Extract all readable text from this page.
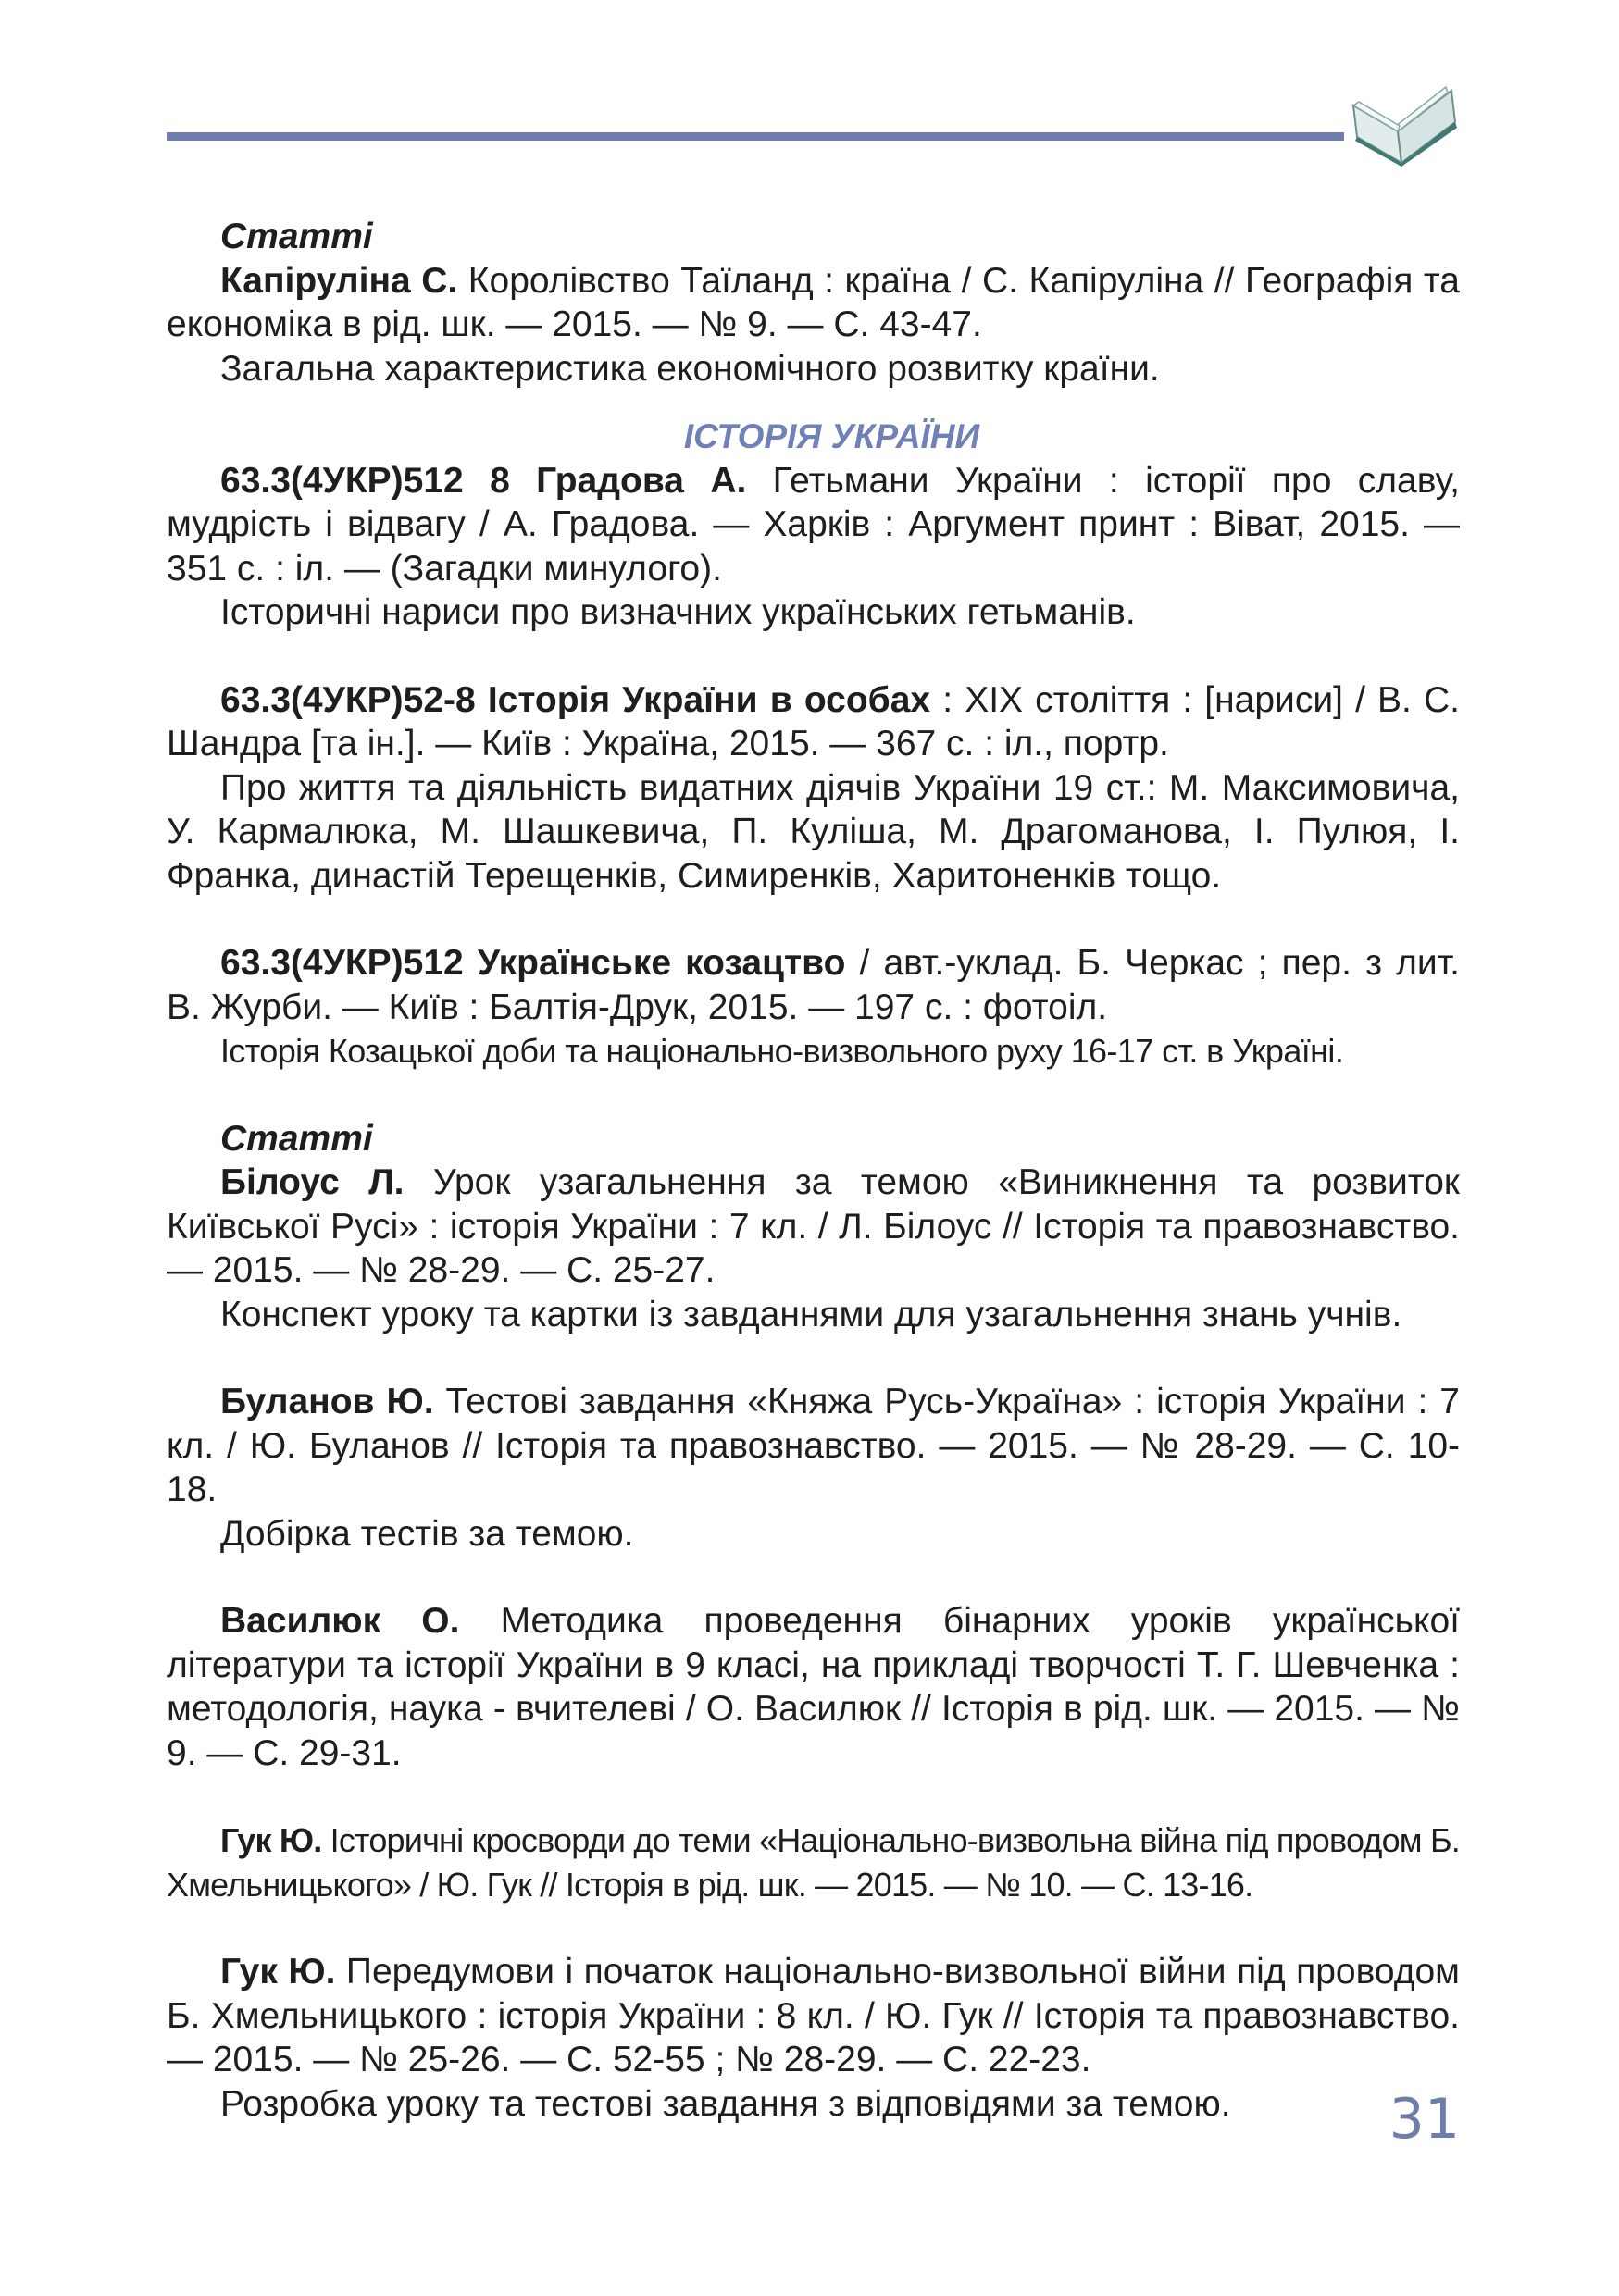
Статті

Капіруліна С. Королівство Таїланд : країна / С. Капіруліна // Географія та економіка в рід. шк. — 2015. — № 9. — С. 43-47.

Загальна характеристика економічного розвитку країни.

ІСТОРІЯ УКРАЇНИ

63.3(4УКР)512 8 Градова А. Гетьмани України : історії про славу, мудрість і відвагу / А. Градова. — Харків : Аргумент принт : Віват, 2015. — 351 с. : іл. — (Загадки минулого).

Історичні нариси про визначних українських гетьманів.

63.3(4УКР)52-8 Історія України в особах : ХІХ століття : [нариси] / В. С. Шандра [та ін.]. — Київ : Україна, 2015. — 367 с. : іл., портр.

Про життя та діяльність видатних діячів України 19 ст.: М. Максимовича, У. Кармалюка, М. Шашкевича, П. Куліша, М. Драгоманова, І. Пулюя, І. Франка, династій Терещенків, Симиренків, Харитоненків тощо.

63.3(4УКР)512 Українське козацтво / авт.-уклад. Б. Черкас ; пер. з лит. В. Журби. — Київ : Балтія-Друк, 2015. — 197 с. : фотоіл.

Історія Козацької доби та національно-визвольного руху 16-17 ст. в Україні.

Статті

Білоус Л. Урок узагальнення за темою «Виникнення та розвиток Київської Русі» : історія України : 7 кл. / Л. Білоус // Історія та правознавство. — 2015. — № 28-29. — С. 25-27.

Конспект уроку та картки із завданнями для узагальнення знань учнів.

Буланов Ю. Тестові завдання «Княжа Русь-Україна» : історія України : 7 кл. / Ю. Буланов // Історія та правознавство. — 2015. — № 28-29. — С. 10-18.

Добірка тестів за темою.

Василюк О. Методика проведення бінарних уроків української літератури та історії України в 9 класі, на прикладі творчості Т. Г. Шевченка : методологія, наука - вчителеві / О. Василюк // Історія в рід. шк. — 2015. — № 9. — С. 29-31.

Гук Ю. Історичні кросворди до теми «Національно-визвольна війна під проводом Б. Хмельницького» / Ю. Гук // Історія в рід. шк. — 2015. — № 10. — С. 13-16.

Гук Ю. Передумови і початок національно-визвольної війни під проводом Б. Хмельницького : історія України : 8 кл. / Ю. Гук // Історія та правознавство. — 2015. — № 25-26. — С. 52-55 ; № 28-29. — С. 22-23.

Розробка уроку та тестові завдання з відповідями за темою.	31
